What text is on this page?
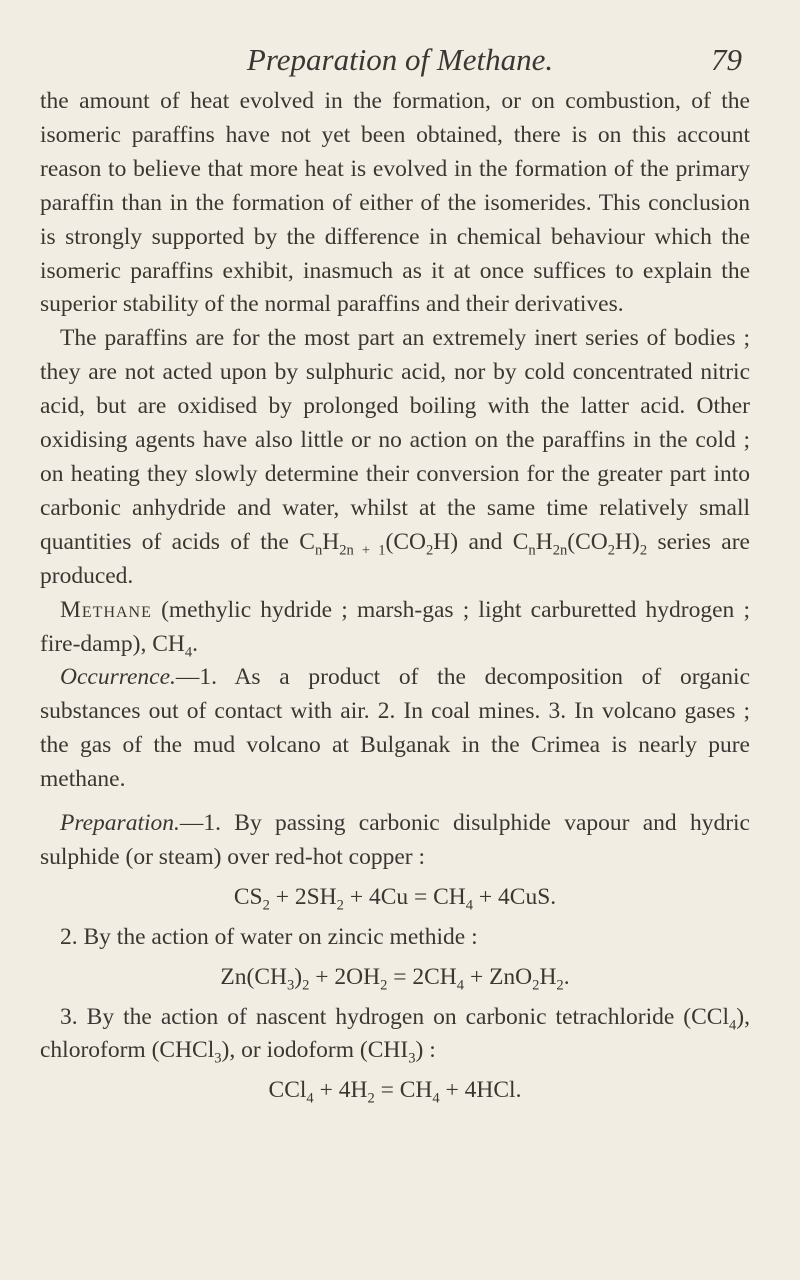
Preparation of Methane.	79

the amount of heat evolved in the formation, or on combustion, of the isomeric paraffins have not yet been obtained, there is on this account reason to believe that more heat is evolved in the formation of the primary paraffin than in the formation of either of the isomerides. This conclusion is strongly supported by the difference in chemical behaviour which the isomeric paraffins exhibit, inasmuch as it at once suffices to explain the superior stability of the normal paraffins and their derivatives.

The paraffins are for the most part an extremely inert series of bodies ; they are not acted upon by sulphuric acid, nor by cold concentrated nitric acid, but are oxidised by prolonged boiling with the latter acid. Other oxidising agents have also little or no action on the paraffins in the cold ; on heating they slowly determine their conversion for the greater part into carbonic anhydride and water, whilst at the same time relatively small quantities of acids of the $C_nH_{2n + 1}(CO_2H)$ and $C_nH_{2n}(CO_2H)_2$ series are produced.

Methane (methylic hydride ; marsh-gas ; light carburetted hydrogen ; fire-damp), $CH_4$.

Occurrence.—1. As a product of the decomposition of organic substances out of contact with air. 2. In coal mines. 3. In volcano gases ; the gas of the mud volcano at Bulganak in the Crimea is nearly pure methane.

Preparation.—1. By passing carbonic disulphide vapour and hydric sulphide (or steam) over red-hot copper :

$CS_2 + 2SH_2 + 4Cu = CH_4 + 4CuS$.

2. By the action of water on zincic methide :

$Zn(CH_3)_2 + 2OH_2 = 2CH_4 + ZnO_2H_2$.

3. By the action of nascent hydrogen on carbonic tetrachloride (CCl$_4$), chloroform (CHCl$_3$), or iodoform $(CHI_3)$ :

$CCl_4 + 4H_2 = CH_4 + 4HCl$.
